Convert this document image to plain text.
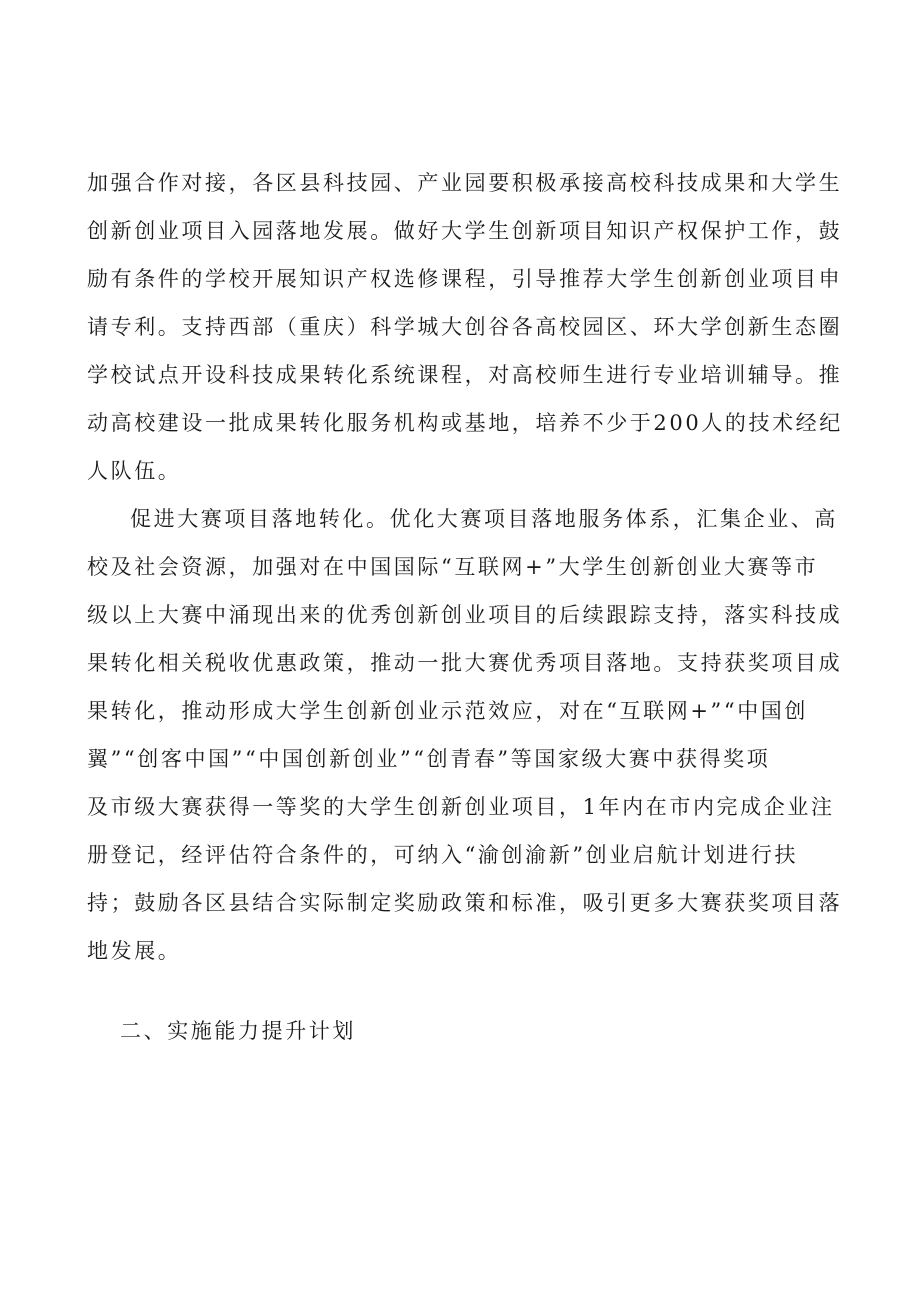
加强合作对接，各区县科技园、产业园要积极承接高校科技成果和大学生

创新创业项目入园落地发展。做好大学生创新项目知识产权保护工作，鼓

励有条件的学校开展知识产权选修课程，引导推荐大学生创新创业项目申

请专利。支持西部（重庆）科学城大创谷各高校园区、环大学创新生态圈

学校试点开设科技成果转化系统课程，对高校师生进行专业培训辅导。推

动高校建设一批成果转化服务机构或基地，培养不少于200人的技术经纪

人队伍。

促进大赛项目落地转化。优化大赛项目落地服务体系，汇集企业、高

校及社会资源，加强对在中国国际“互联网+”大学生创新创业大赛等市

级以上大赛中涌现出来的优秀创新创业项目的后续跟踪支持，落实科技成

果转化相关税收优惠政策，推动一批大赛优秀项目落地。支持获奖项目成

果转化，推动形成大学生创新创业示范效应，对在“互联网+”“中国创

翼”“创客中国”“中国创新创业”“创青春”等国家级大赛中获得奖项

及市级大赛获得一等奖的大学生创新创业项目，1年内在市内完成企业注

册登记，经评估符合条件的，可纳入“渝创渝新”创业启航计划进行扶

持；鼓励各区县结合实际制定奖励政策和标准，吸引更多大赛获奖项目落

地发展。

二、实施能力提升计划
